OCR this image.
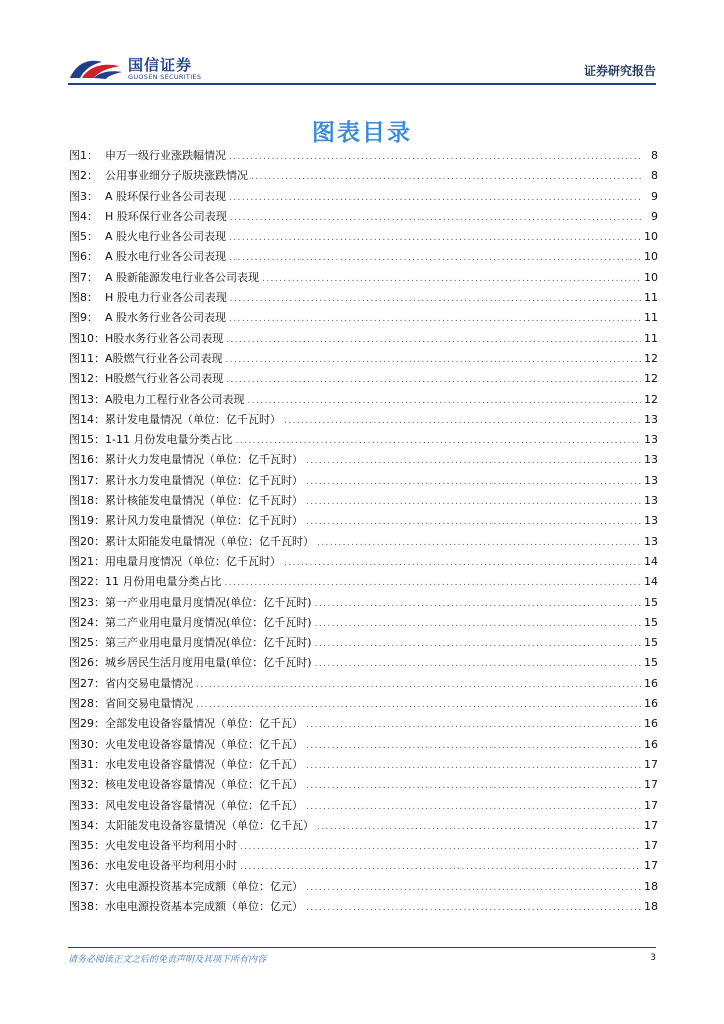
国信证券
GUOSEN SECURITIES	证券研究报告
图表目录
图1： 申万一级行业涨跌幅情况 .....	8
图2： 公用事业细分子版块涨跌情况 .....	8
图3： A 股环保行业各公司表现 .....	9
图4： H 股环保行业各公司表现 .....	9
图5： A 股火电行业各公司表现 .....	10
图6： A 股水电行业各公司表现 .....	10
图7： A 股新能源发电行业各公司表现 .....	10
图8： H 股电力行业各公司表现 .....	11
图9： A 股水务行业各公司表现 .....	11
图10： H股水务行业各公司表现 .....	11
图11： A股燃气行业各公司表现 .....	12
图12： H股燃气行业各公司表现 .....	12
图13： A股电力工程行业各公司表现 .....	12
图14： 累计发电量情况（单位：亿千瓦时） .....	13
图15： 1-11 月份发电量分类占比 .....	13
图16： 累计火力发电量情况（单位：亿千瓦时） .....	13
图17： 累计水力发电量情况（单位：亿千瓦时） .....	13
图18： 累计核能发电量情况（单位：亿千瓦时） .....	13
图19： 累计风力发电量情况（单位：亿千瓦时） .....	13
图20： 累计太阳能发电量情况（单位：亿千瓦时） .....	13
图21： 用电量月度情况（单位：亿千瓦时） .....	14
图22： 11 月份用电量分类占比 .....	14
图23： 第一产业用电量月度情况(单位：亿千瓦时) .....	15
图24： 第二产业用电量月度情况(单位：亿千瓦时) .....	15
图25： 第三产业用电量月度情况(单位：亿千瓦时) .....	15
图26： 城乡居民生活月度用电量(单位：亿千瓦时) .....	15
图27： 省内交易电量情况 .....	16
图28： 省间交易电量情况 .....	16
图29： 全部发电设备容量情况（单位：亿千瓦） .....	16
图30： 火电发电设备容量情况（单位：亿千瓦） .....	16
图31： 水电发电设备容量情况（单位：亿千瓦） .....	17
图32： 核电发电设备容量情况（单位：亿千瓦） .....	17
图33： 风电发电设备容量情况（单位：亿千瓦） .....	17
图34： 太阳能发电设备容量情况（单位：亿千瓦） .....	17
图35： 火电发电设备平均利用小时 .....	17
图36： 水电发电设备平均利用小时 .....	17
图37： 火电电源投资基本完成额（单位：亿元） .....	18
图38： 水电电源投资基本完成额（单位：亿元） .....	18
请务必阅读正文之后的免责声明及其项下所有内容	3
